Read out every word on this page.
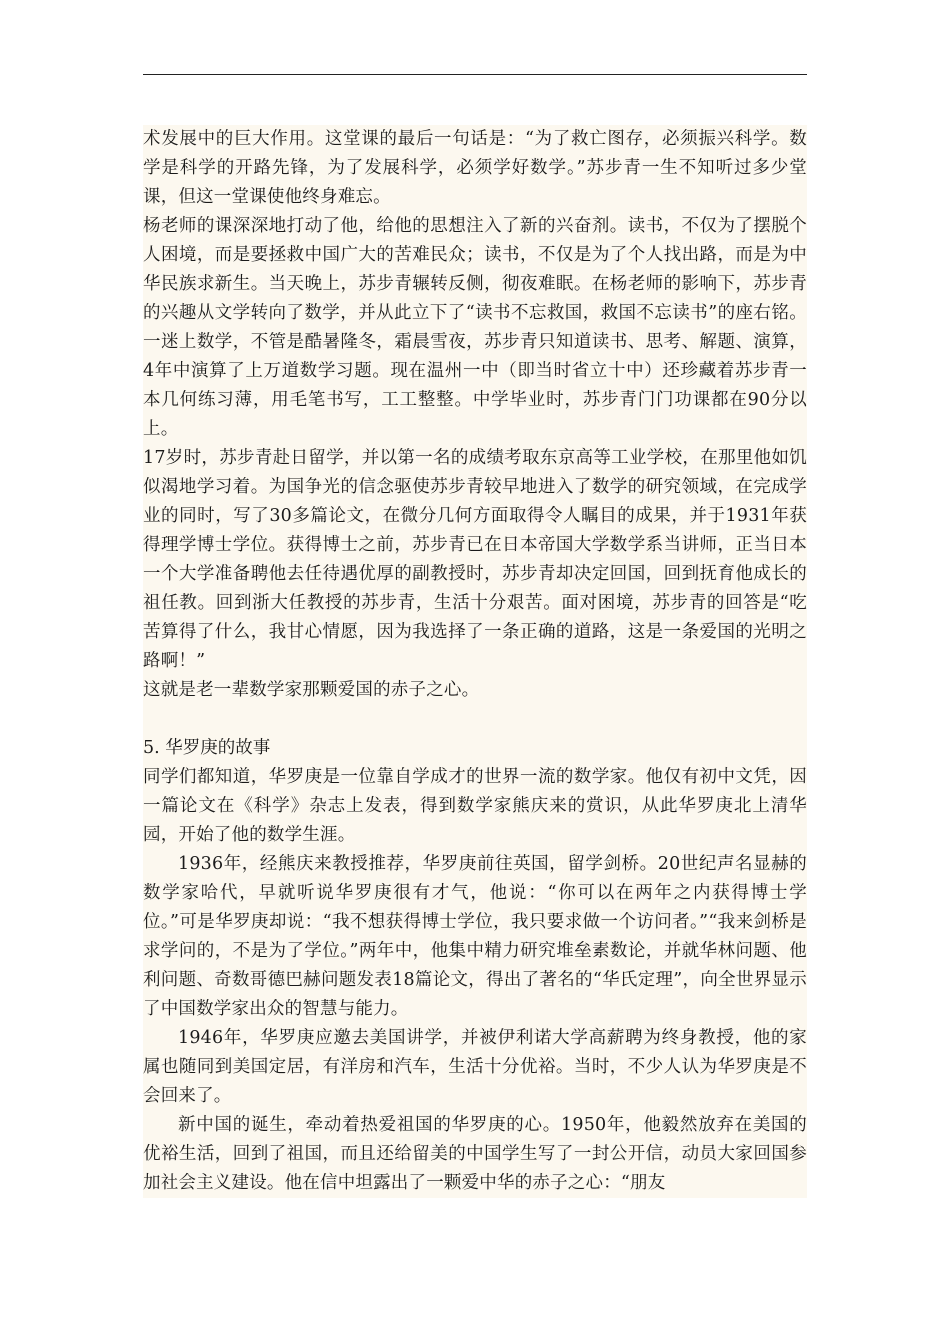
术发展中的巨大作用。这堂课的最后一句话是：“为了救亡图存，必须振兴科学。数学是科学的开路先锋，为了发展科学，必须学好数学。”苏步青一生不知听过多少堂课，但这一堂课使他终身难忘。

杨老师的课深深地打动了他，给他的思想注入了新的兴奋剂。读书，不仅为了摆脱个人困境，而是要拯救中国广大的苦难民众；读书，不仅是为了个人找出路，而是为中华民族求新生。当天晚上，苏步青辗转反侧，彻夜难眠。在杨老师的影响下，苏步青的兴趣从文学转向了数学，并从此立下了“读书不忘救国，救国不忘读书”的座右铭。一迷上数学，不管是酷暑隆冬，霜晨雪夜，苏步青只知道读书、思考、解题、演算，4年中演算了上万道数学习题。现在温州一中（即当时省立十中）还珍藏着苏步青一本几何练习薄，用毛笔书写，工工整整。中学毕业时，苏步青门门功课都在90分以上。

17岁时，苏步青赴日留学，并以第一名的成绩考取东京高等工业学校，在那里他如饥似渴地学习着。为国争光的信念驱使苏步青较早地进入了数学的研究领域，在完成学业的同时，写了30多篇论文，在微分几何方面取得令人瞩目的成果，并于1931年获得理学博士学位。获得博士之前，苏步青已在日本帝国大学数学系当讲师，正当日本一个大学准备聘他去任待遇优厚的副教授时，苏步青却决定回国，回到抚育他成长的祖任教。回到浙大任教授的苏步青，生活十分艰苦。面对困境，苏步青的回答是“吃苦算得了什么，我甘心情愿，因为我选择了一条正确的道路，这是一条爱国的光明之路啊！”

这就是老一辈数学家那颗爱国的赤子之心。

5. 华罗庚的故事

同学们都知道，华罗庚是一位靠自学成才的世界一流的数学家。他仅有初中文凭，因一篇论文在《科学》杂志上发表，得到数学家熊庆来的赏识，从此华罗庚北上清华园，开始了他的数学生涯。

1936年，经熊庆来教授推荐，华罗庚前往英国，留学剑桥。20世纪声名显赫的数学家哈代，早就听说华罗庚很有才气，他说：“你可以在两年之内获得博士学位。”可是华罗庚却说：“我不想获得博士学位，我只要求做一个访问者。”“我来剑桥是求学问的，不是为了学位。”两年中，他集中精力研究堆垒素数论，并就华林问题、他利问题、奇数哥德巴赫问题发表18篇论文，得出了著名的“华氏定理”，向全世界显示了中国数学家出众的智慧与能力。

1946年，华罗庚应邀去美国讲学，并被伊利诺大学高薪聘为终身教授，他的家属也随同到美国定居，有洋房和汽车，生活十分优裕。当时，不少人认为华罗庚是不会回来了。

新中国的诞生，牵动着热爱祖国的华罗庚的心。1950年，他毅然放弃在美国的优裕生活，回到了祖国，而且还给留美的中国学生写了一封公开信，动员大家回国参加社会主义建设。他在信中坦露出了一颗爱中华的赤子之心：“朋友
